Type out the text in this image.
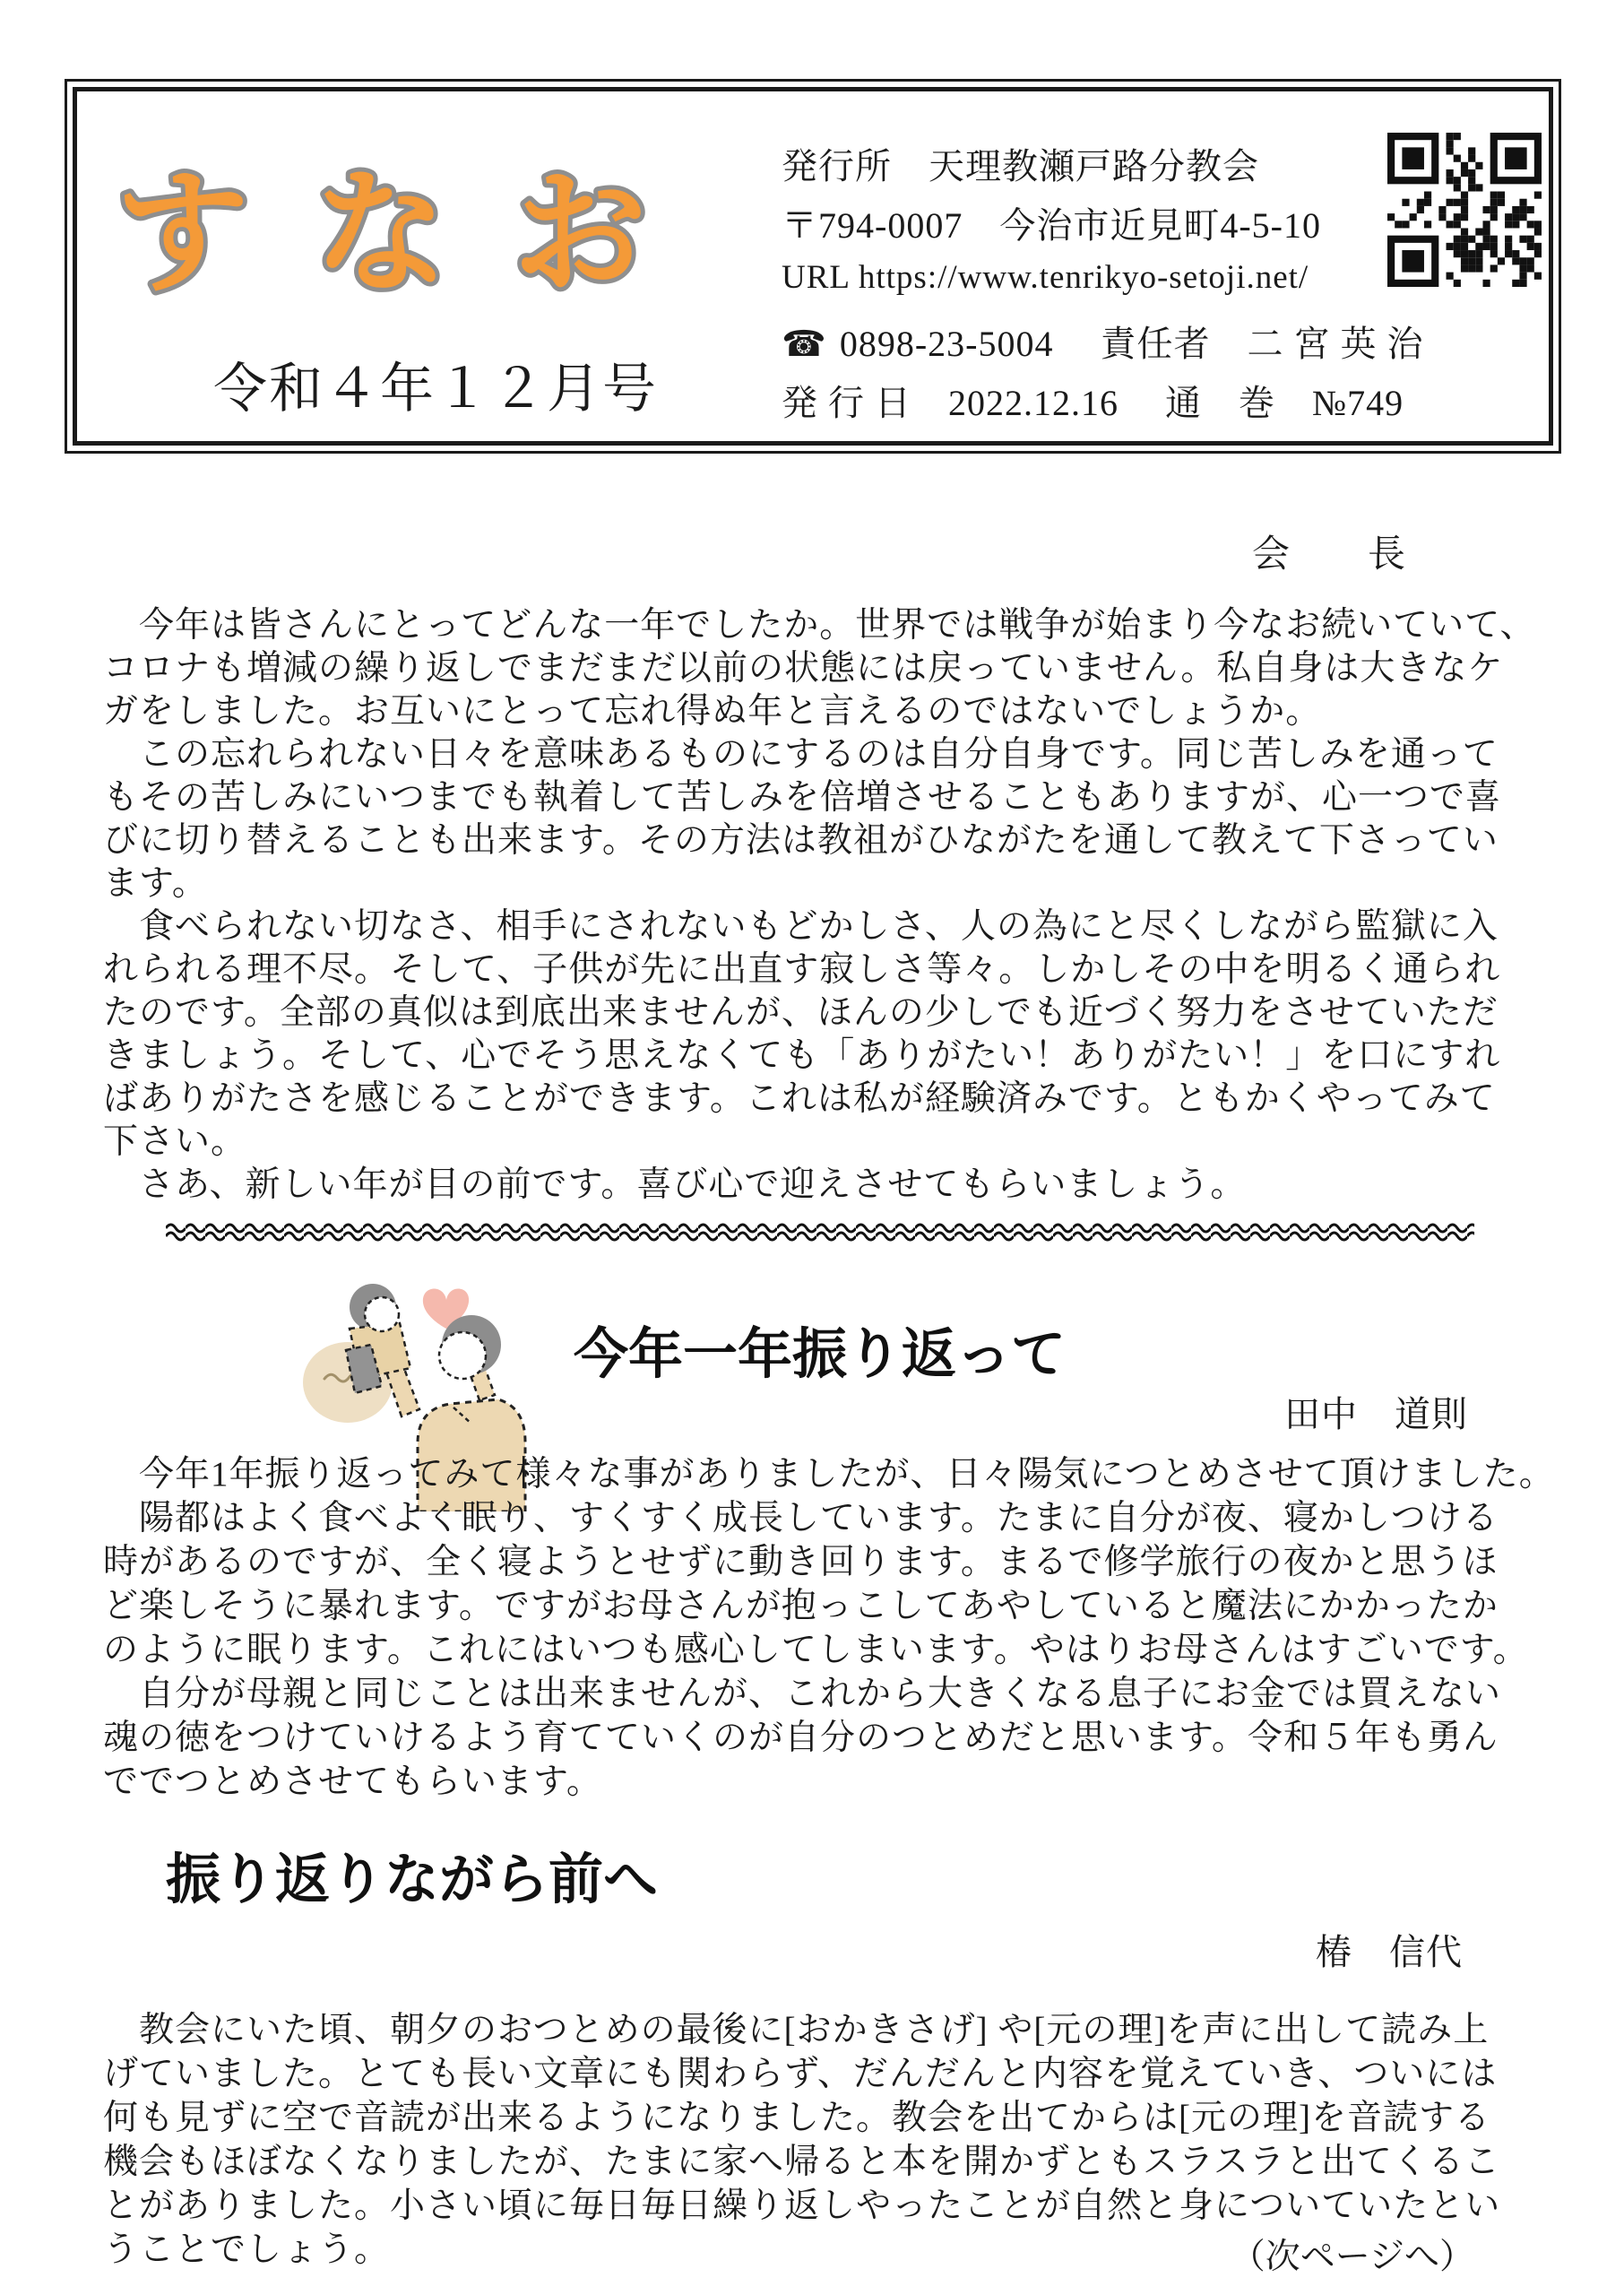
すなお
令和４年１２月号
発行所　天理教瀬戸路分教会
〒794-0007　今治市近見町4-5-10
URL https://www.tenrikyo-setoji.net/
☎ 0898-23-5004　 責任者　二 宮 英 治
発 行 日　2022.12.16　 通　巻　№749
会　　長
　今年は皆さんにとってどんな一年でしたか。世界では戦争が始まり今なお続いていて、
コロナも増減の繰り返しでまだまだ以前の状態には戻っていません。私自身は大きなケ
ガをしました。お互いにとって忘れ得ぬ年と言えるのではないでしょうか。
　この忘れられない日々を意味あるものにするのは自分自身です。同じ苦しみを通って
もその苦しみにいつまでも執着して苦しみを倍増させることもありますが、心一つで喜
びに切り替えることも出来ます。その方法は教祖がひながたを通して教えて下さってい
ます。
　食べられない切なさ、相手にされないもどかしさ、人の為にと尽くしながら監獄に入
れられる理不尽。そして、子供が先に出直す寂しさ等々。しかしその中を明るく通られ
たのです。全部の真似は到底出来ませんが、ほんの少しでも近づく努力をさせていただ
きましょう。そして、心でそう思えなくても「ありがたい！ありがたい！」を口にすれ
ばありがたさを感じることができます。これは私が経験済みです。ともかくやってみて
下さい。
　さあ、新しい年が目の前です。喜び心で迎えさせてもらいましょう。
今年一年振り返って
田中　道則
　今年1年振り返ってみて様々な事がありましたが、日々陽気につとめさせて頂けました。
　陽都はよく食べよく眠り、すくすく成長しています。たまに自分が夜、寝かしつける
時があるのですが、全く寝ようとせずに動き回ります。まるで修学旅行の夜かと思うほ
ど楽しそうに暴れます。ですがお母さんが抱っこしてあやしていると魔法にかかったか
のように眠ります。これにはいつも感心してしまいます。やはりお母さんはすごいです。
　自分が母親と同じことは出来ませんが、これから大きくなる息子にお金では買えない
魂の徳をつけていけるよう育てていくのが自分のつとめだと思います。令和５年も勇ん
ででつとめさせてもらいます。
振り返りながら前へ
椿　信代
　教会にいた頃、朝夕のおつとめの最後に[おかきさげ] や[元の理]を声に出して読み上
げていました。とても長い文章にも関わらず、だんだんと内容を覚えていき、ついには
何も見ずに空で音読が出来るようになりました。教会を出てからは[元の理]を音読する
機会もほぼなくなりましたが、たまに家へ帰ると本を開かずともスラスラと出てくるこ
とがありました。小さい頃に毎日毎日繰り返しやったことが自然と身についていたとい
うことでしょう。	（次ページへ）
